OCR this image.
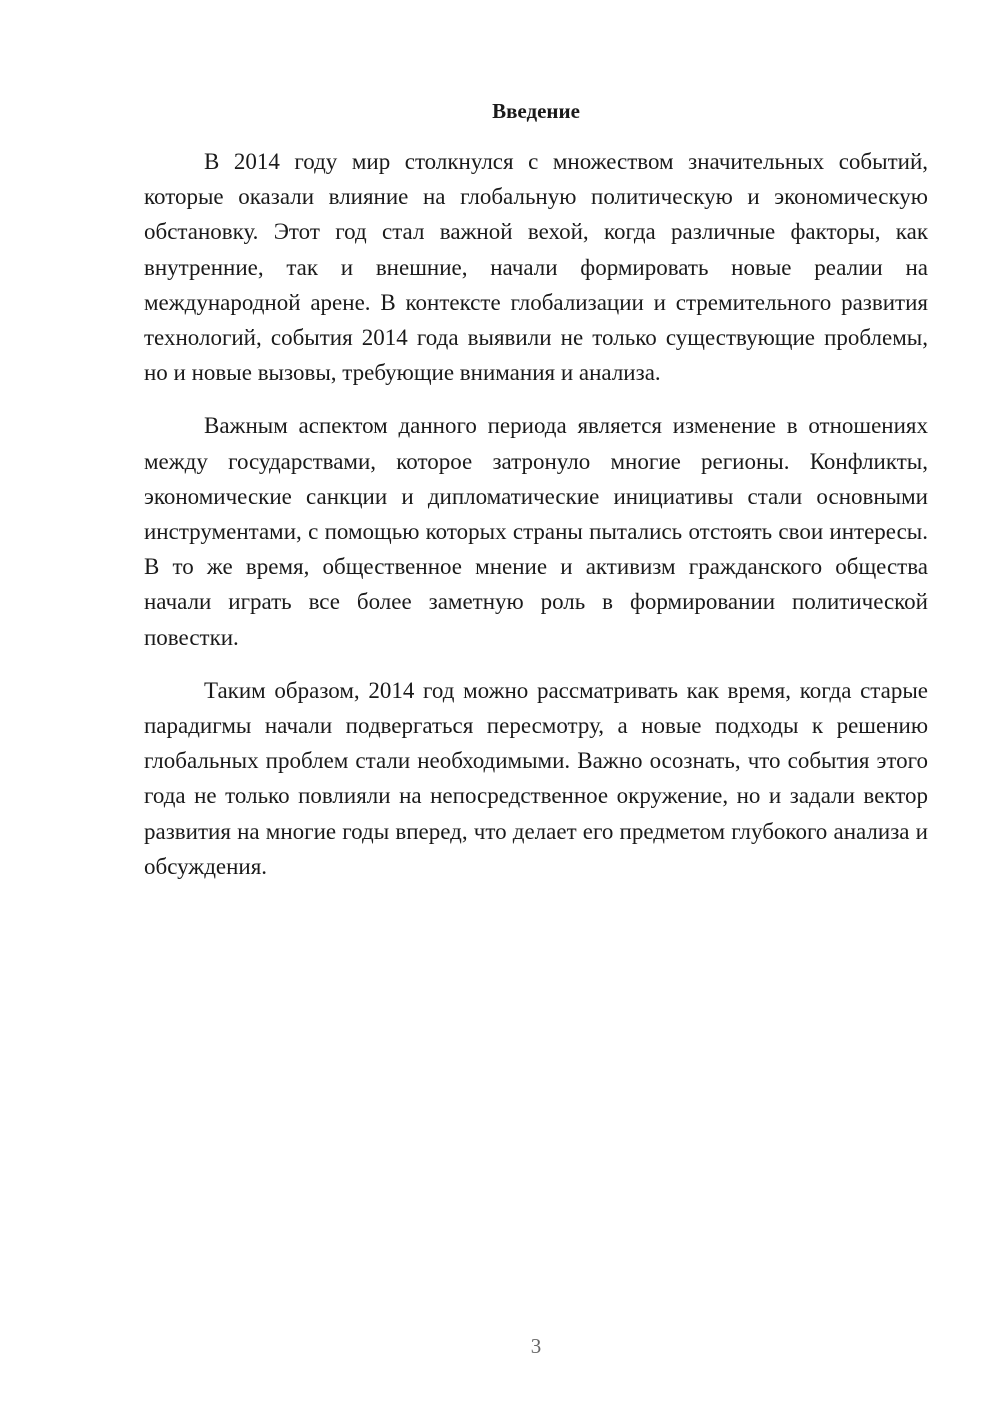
Введение

В 2014 году мир столкнулся с множеством значительных событий, которые оказали влияние на глобальную политическую и экономическую обстановку. Этот год стал важной вехой, когда различные факторы, как внутренние, так и внешние, начали формировать новые реалии на международной арене. В контексте глобализации и стремительного развития технологий, события 2014 года выявили не только существующие проблемы, но и новые вызовы, требующие внимания и анализа.

Важным аспектом данного периода является изменение в отношениях между государствами, которое затронуло многие регионы. Конфликты, экономические санкции и дипломатические инициативы стали основными инструментами, с помощью которых страны пытались отстоять свои интересы. В то же время, общественное мнение и активизм гражданского общества начали играть все более заметную роль в формировании политической повестки.

Таким образом, 2014 год можно рассматривать как время, когда старые парадигмы начали подвергаться пересмотру, а новые подходы к решению глобальных проблем стали необходимыми. Важно осознать, что события этого года не только повлияли на непосредственное окружение, но и задали вектор развития на многие годы вперед, что делает его предметом глубокого анализа и обсуждения.

3
